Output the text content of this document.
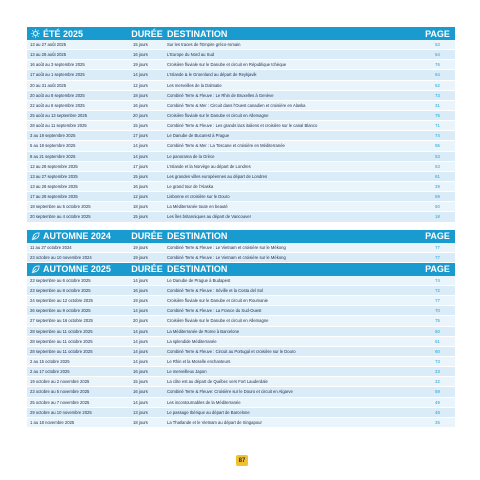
ÉTÉ 2025	DURÉE DESTINATION	PAGE
13 au 27 août 2025	15 jours	Sur les traces de l'Empire gréco-romain	53
13 au 28 août 2025	16 jours	L'Europe du Nord au Sud	54
16 août au 3 septembre 2025	19 jours	Croisière fluviale sur le Danube et circuit en République tchèque	76
17 août au 1 septembre 2025	14 jours	L'Islande & le Groenland au départ de Reykjavik	64
20 au 31 août 2025	12 jours	Les merveilles de la Dalmatie	52
20 août au 8 septembre 2025	18 jours	Combiné Terre & Fleuve : Le Rhin de Bruxelles à Genève	73
22 août au 6 septembre 2025	16 jours	Combiné Terre & Mer : Circuit dans l'Ouest canadien et croisière en Alaska	31
25 août au 13 septembre 2025	20 jours	Croisière fluviale sur le Danube et circuit en Allemagne	75
28 août au 11 septembre 2025	15 jours	Combiné Terre & Fleuve : Les grands lacs italiens et croisière sur le canal Blanco	71
3 au 19 septembre 2025	17 jours	Le Danube de Bucarest à Prague	74
5 au 18 septembre 2025	14 jours	Combiné Terre & Mer : La Toscane et croisière en Méditerranée	55
8 au 21 septembre 2025	14 jours	Le panorama de la Grèce	53
12 au 28 septembre 2025	17 jours	L'Islande et la Norvège au départ de Londres	63
13 au 27 septembre 2025	15 jours	Les grandes villes européennes au départ de Londres	61
13 au 28 septembre 2025	16 jours	Le grand tour de l'Alaska	29
17 au 28 septembre 2025	12 jours	Lisbonne et croisière sur le Douro	59
18 septembre au 5 octobre 2025	18 jours	La Méditerranée toute en beauté	50
20 septembre au 4 octobre 2025	15 jours	Les îles britanniques au départ de Vancouver	18
AUTOMNE 2024 DURÉE DESTINATION	PAGE
11 au 27 octobre 2024	19 jours	Combiné Terre & Fleuve : Le Vietnam et croisière sur le Mékong	77
23 octobre au 10 novembre 2024	19 jours	Combiné Terre & Fleuve : Le Vietnam et croisière sur le Mékong	77
AUTOMNE 2025 DURÉE DESTINATION	PAGE
23 septembre au 6 octobre 2025	14 jours	Le Danube de Prague à Budapest	74
23 septembre au 8 octobre 2025	16 jours	Combiné Terre & Fleuve : Séville et la Costa del Sol	72
24 septembre au 12 octobre 2025	19 jours	Croisière fluviale sur le Danube et circuit en Roumanie	77
26 septembre au 9 octobre 2025	14 jours	Combiné Terre & Fleuve : La France du Sud-Ouest	70
27 septembre au 16 octobre 2025	20 jours	Croisière fluviale sur le Danube et circuit en Allemagne	75
28 septembre au 11 octobre 2025	14 jours	La Méditerranée de Rome à Barcelone	50
28 septembre au 11 octobre 2025	14 jours	La splendide Méditerranée	51
28 septembre au 11 octobre 2025	14 jours	Combiné Terre & Fleuve : Circuit au Portugal et croisière sur le Douro	60
2 au 15 octobre 2025	14 jours	Le Rhin et la Moselle enchanteurs	73
2 au 17 octobre 2025	16 jours	Le merveilleux Japon	23
19 octobre au 2 novembre 2025	15 jours	La côte est au départ de Québec vers Fort Lauderdale	22
23 octobre au 5 novembre 2025	16 jours	Combiné Terre & Fleuve: Croisière sur le Douro et circuit en Algarve	59
25 octobre au 7 novembre 2025	14 jours	Les incontournables de la Méditerranée	49
29 octobre au 10 novembre 2025	13 jours	Le passage Ibérique au départ de Barcelone	48
1 au 18 novembre 2025	18 jours	La Thaïlande et le Vietnam au départ de Singapour	25
87
